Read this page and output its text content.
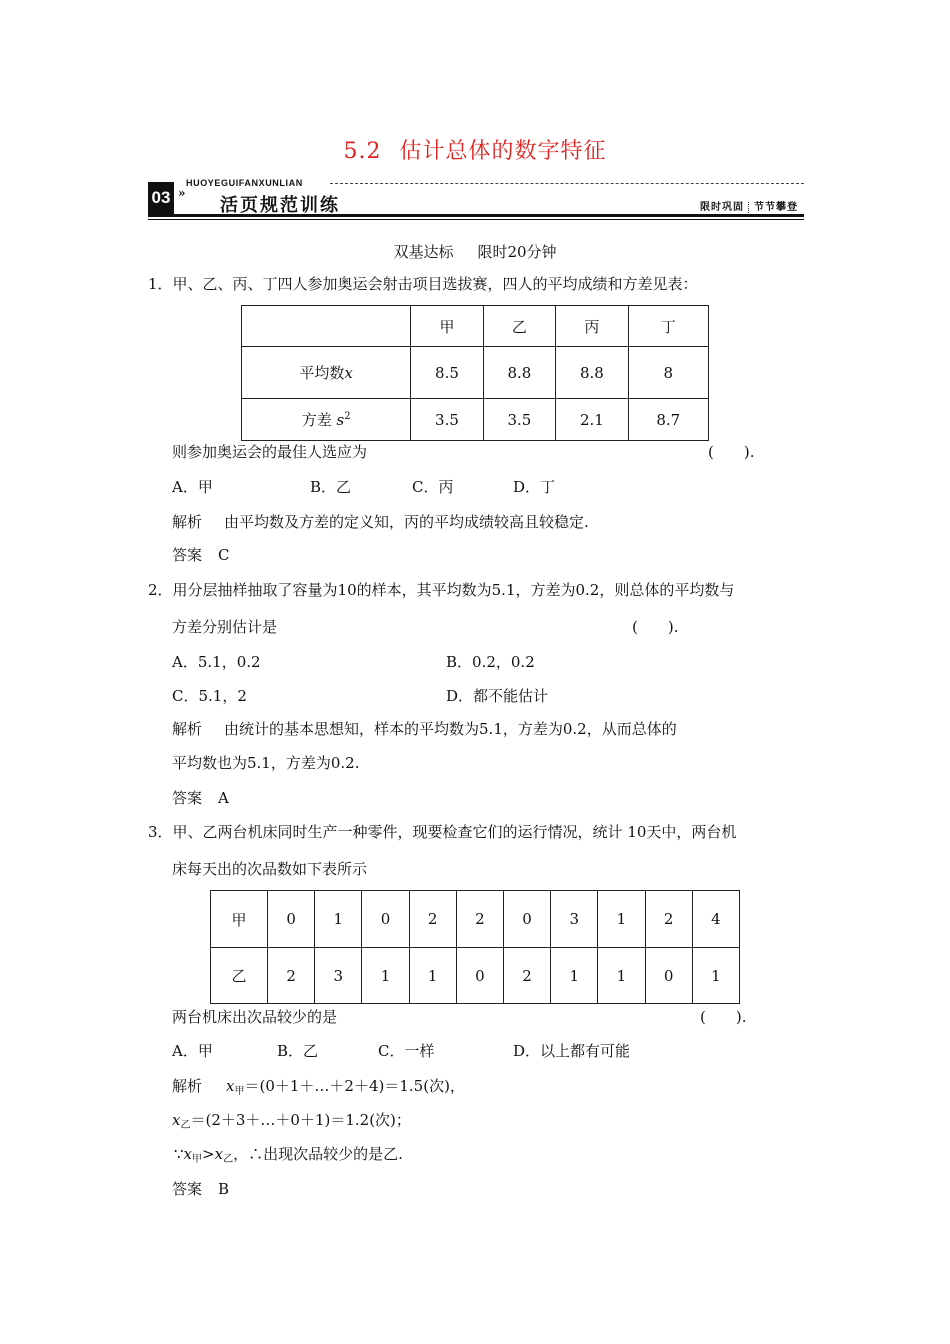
5.2 估计总体的数字特征
03 »
HUOYEGUIFANXUNLIAN
活页规范训练	限时巩固 节节攀登
双基达标 限时20分钟
1．甲、乙、丙、丁四人参加奥运会射击项目选拔赛，四人的平均成绩和方差见表：
	甲	乙	丙	丁
平均数x	8.5	8.8	8.8	8
方差 $s^2$	3.5	3.5	2.1	8.7
则参加奥运会的最佳人选应为	(　　).
A．甲	B．乙	C．丙	D．丁
解析 由平均数及方差的定义知，丙的平均成绩较高且较稳定.
答案 C
2．用分层抽样抽取了容量为10的样本，其平均数为5.1，方差为0.2，则总体的平均数与
方差分别估计是	(　　).
A．5.1，0.2	B．0.2，0.2
C．5.1，2	D．都不能估计
解析 由统计的基本思想知，样本的平均数为5.1，方差为0.2，从而总体的
平均数也为5.1，方差为0.2.
答案 A
3．甲、乙两台机床同时生产一种零件，现要检查它们的运行情况，统计 10天中，两台机
床每天出的次品数如下表所示
甲	0	1	0	2	2	0	3	1	2	4
乙	2	3	1	1	0	2	1	1	0	1
两台机床出次品较少的是	(　　).
A．甲	B．乙	C．一样	D．以上都有可能
解析 $x_甲=(0+1+\dots+2+4)=1.5$(次)，
$x_乙=(2+3+\dots+0+1)=1.2$(次)；
$\because x_甲>x_乙$，∴出现次品较少的是乙.
答案 B
